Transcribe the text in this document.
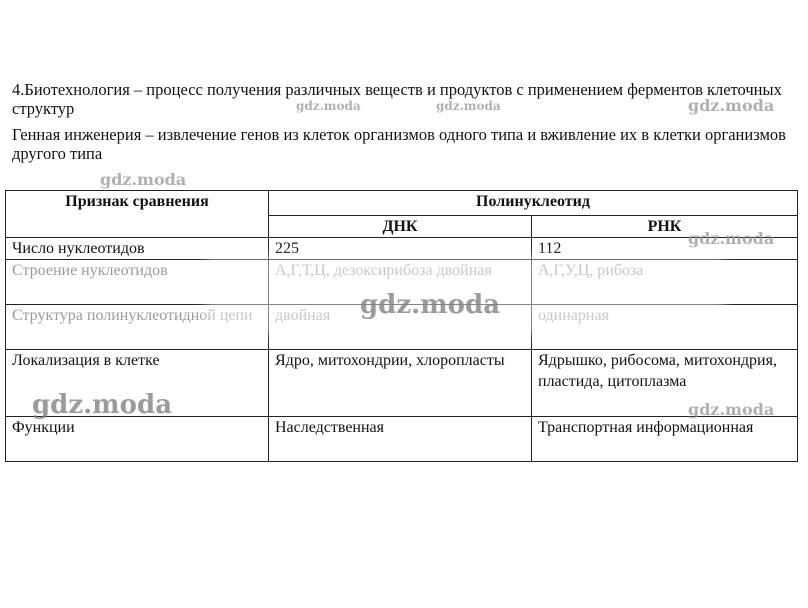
4.Биотехнология – процесс получения различных веществ и продуктов с применением ферментов клеточных структур

Генная инженерия – извлечение генов из клеток организмов одного типа и вживление их в клетки организмов другого типа

Признак сравнения	Полинуклеотид	
	ДНК	РНК
Число нуклеотидов	225	112
Строение нуклеотидов	А,Г,Т,Ц, дезоксирибоза двойная	А,Г,У,Ц, рибоза
Структура полинуклеотидной цепи	двойная	одинарная
Локализация в клетке	Ядро, митохондрии, хлоропласты	Ядрышко, рибосома, митохондрия, пластида, цитоплазма
Функции	Наследственная	Транспортная информационная
gdz.moda	gdz.moda	gdz.moda
gdz.moda
gdz.moda
gdz.moda
gdz.moda	gdz.moda
